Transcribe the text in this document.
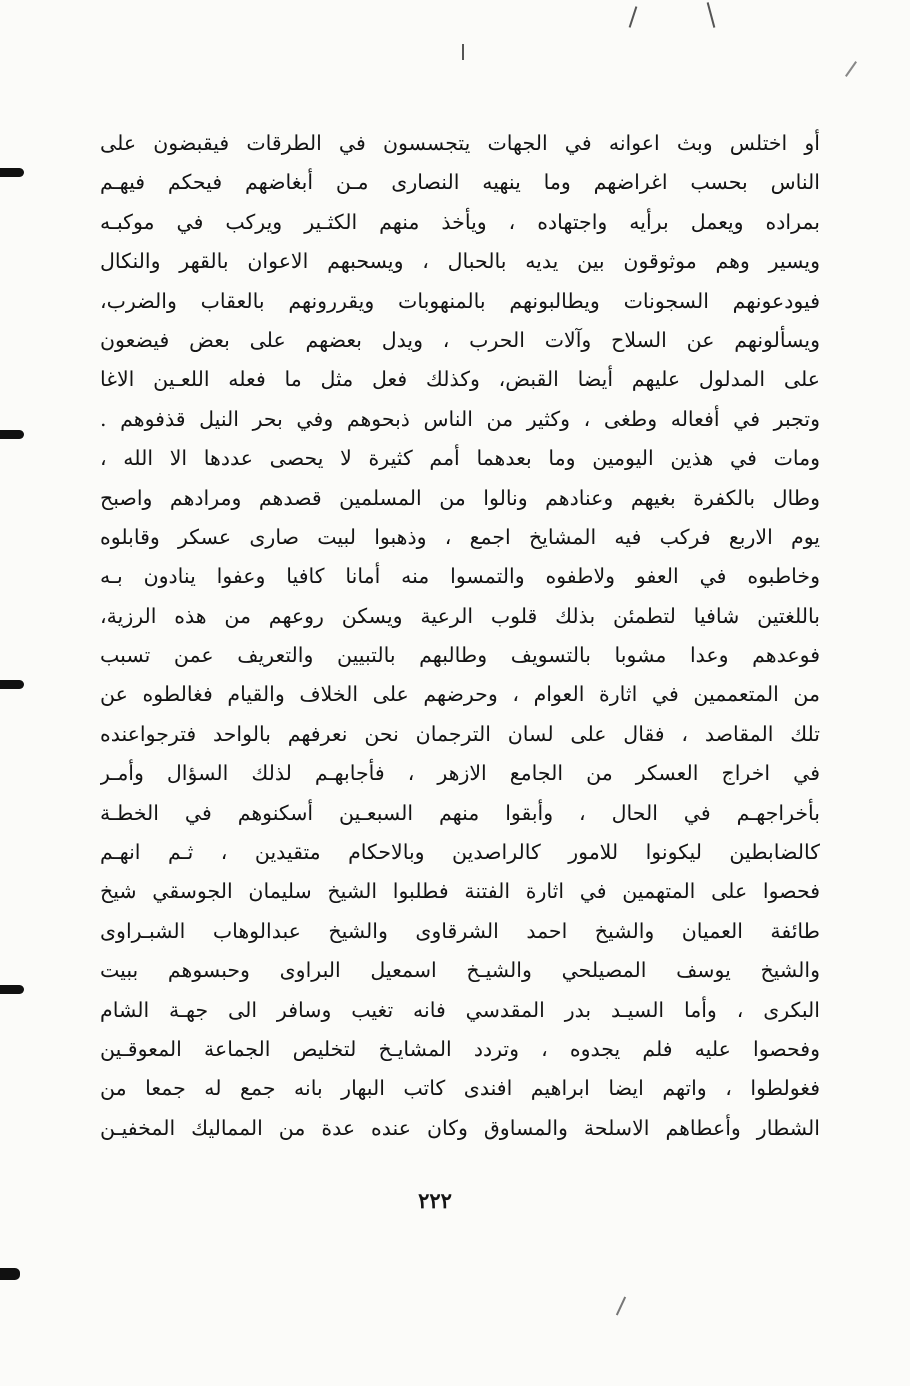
أو اختلس وبث اعوانه في الجهات يتجسسون في الطرقات فيقبضون على
الناس بحسب اغراضهم وما ينهيه النصارى مـن أبغاضهم فيحكم فيهـم
بمراده ويعمل برأيه واجتهاده ، ويأخذ منهم الكثـير ويركب في موكبـه
ويسير وهم موثوقون بين يديه بالحبال ، ويسحبهم الاعوان بالقهر والنكال
فيودعونهم السجونات ويطالبونهم بالمنهوبات ويقررونهم بالعقاب والضرب،
ويسألونهم عن السلاح وآلات الحرب ، ويدل بعضهم على بعض فيضعون
على المدلول عليهم أيضا القبض، وكذلك فعل مثل ما فعله اللعـين الاغا
وتجبر في أفعاله وطغى ، وكثير من الناس ذبحوهم وفي بحر النيل قذفوهم .
ومات في هذين اليومين وما بعدهما أمم كثيرة لا يحصى عددها الا الله ،
وطال بالكفرة بغيهم وعنادهم ونالوا من المسلمين قصدهم ومرادهم واصبح
يوم الاربع فركب فيه المشايخ اجمع ، وذهبوا لبيت صارى عسكر وقابلوه
وخاطبوه في العفو ولاطفوه والتمسوا منه أمانا كافيا وعفوا ينادون بـه
باللغتين شافيا لتطمئن بذلك قلوب الرعية ويسكن روعهم من هذه الرزية،
فوعدهم وعدا مشوبا بالتسويف وطالبهم بالتبيين والتعريف عمن تسبب
من المتعممين في اثارة العوام ، وحرضهم على الخلاف والقيام فغالطوه عن
تلك المقاصد ، فقال على لسان الترجمان نحن نعرفهم بالواحد فترجواعنده
في اخراج العسكر من الجامع الازهر ، فأجابهـم لذلك السؤال وأمـر
بأخراجهـم في الحال ، وأبقوا منهم السبعـين أسكنوهم في الخطـة
كالضابطين ليكونوا للامور كالراصدين وبالاحكام متقيدين ، ثـم انهـم
فحصوا على المتهمين في اثارة الفتنة فطلبوا الشيخ سليمان الجوسقي شيخ
طائفة العميان والشيخ احمد الشرقاوى والشيخ عبدالوهاب الشبـراوى
والشيخ يوسف المصيلحي والشيـخ اسمعيل البراوى وحبسوهم ببيت
البكرى ، وأما السيـد بدر المقدسي فانه تغيب وسافر الى جهـة الشام
وفحصوا عليه فلم يجدوه ، وتردد المشايـخ لتخليص الجماعة المعوقـين
فغولطوا ، واتهم ايضا ابراهيم افندى كاتب البهار بانه جمع له جمعا من
الشطار وأعطاهم الاسلحة والمساوق وكان عنده عدة من المماليك المخفيـن
٢٢٢
